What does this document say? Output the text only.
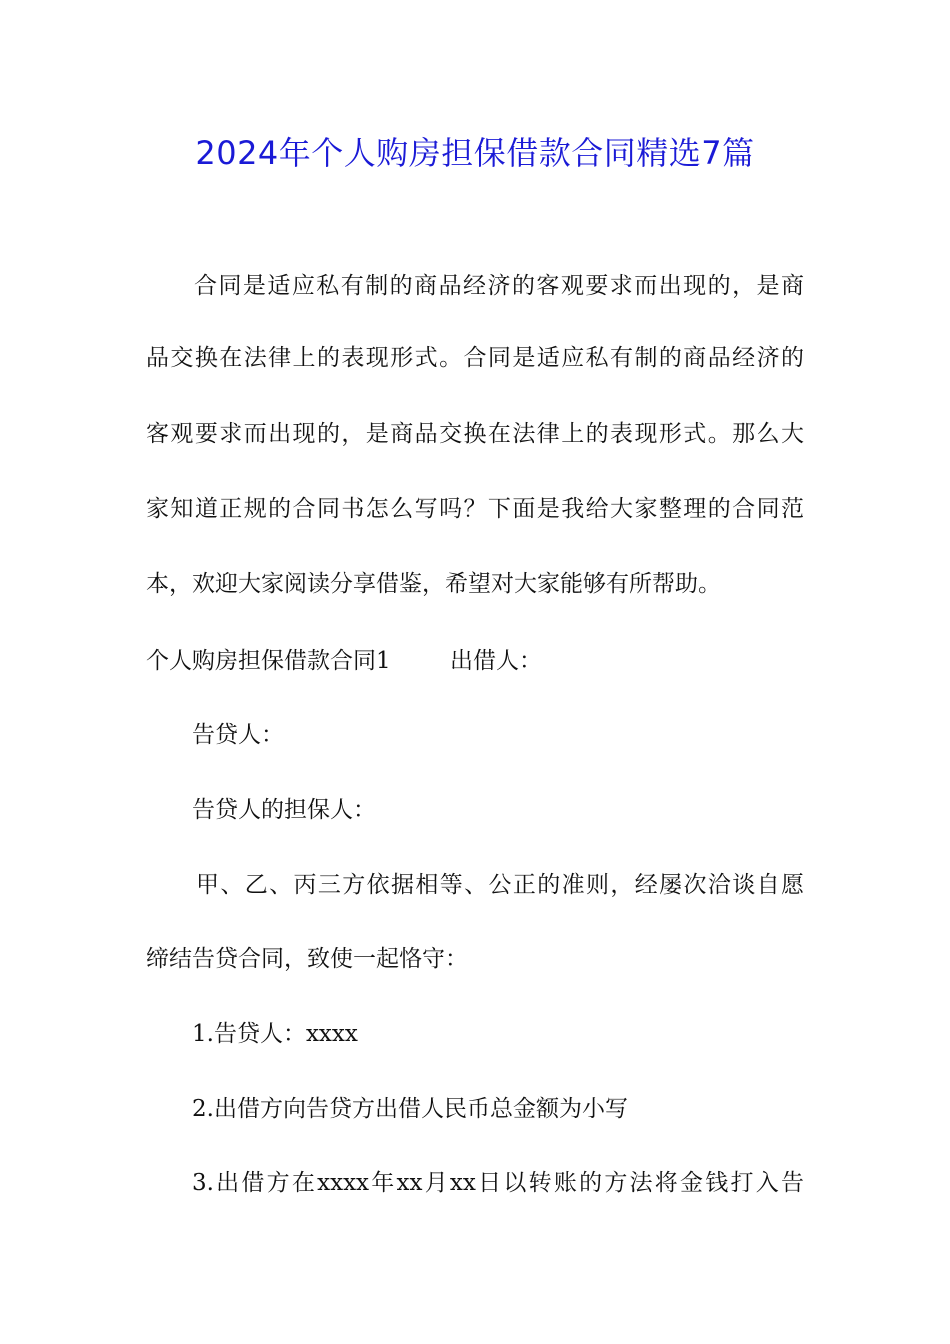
2024年个人购房担保借款合同精选7篇
合同是适应私有制的商品经济的客观要求而出现的，是商
品交换在法律上的表现形式。合同是适应私有制的商品经济的
客观要求而出现的，是商品交换在法律上的表现形式。那么大
家知道正规的合同书怎么写吗？下面是我给大家整理的合同范
本，欢迎大家阅读分享借鉴，希望对大家能够有所帮助。
个人购房担保借款合同1	出借人：
告贷人：
告贷人的担保人：
甲、乙、丙三方依据相等、公正的准则，经屡次洽谈自愿
缔结告贷合同，致使一起恪守：
1.告贷人：xxxx
2.出借方向告贷方出借人民币总金额为小写
3.出借方在xxxx年xx月xx日以转账的方法将金钱打入告
